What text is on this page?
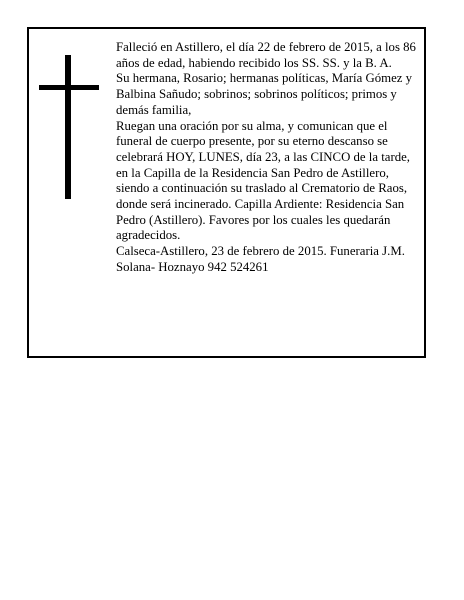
Falleció en Astillero, el día 22 de febrero de 2015, a los 86 años de edad, habiendo recibido los SS. SS. y la B. A.

Su hermana, Rosario; hermanas políticas, María Gómez y Balbina Sañudo; sobrinos; sobrinos políticos; primos y demás familia,

Ruegan una oración por su alma, y comunican que el funeral de cuerpo presente, por su eterno descanso se celebrará HOY, LUNES, día 23, a las CINCO de la tarde, en la Capilla de la Residencia San Pedro de Astillero, siendo a continuación su traslado al Crematorio de Raos, donde será incinerado. Capilla Ardiente: Residencia San Pedro (Astillero). Favores por los cuales les quedarán agradecidos.

Calseca-Astillero, 23 de febrero de 2015. Funeraria J.M. Solana- Hoznayo 942 524261
